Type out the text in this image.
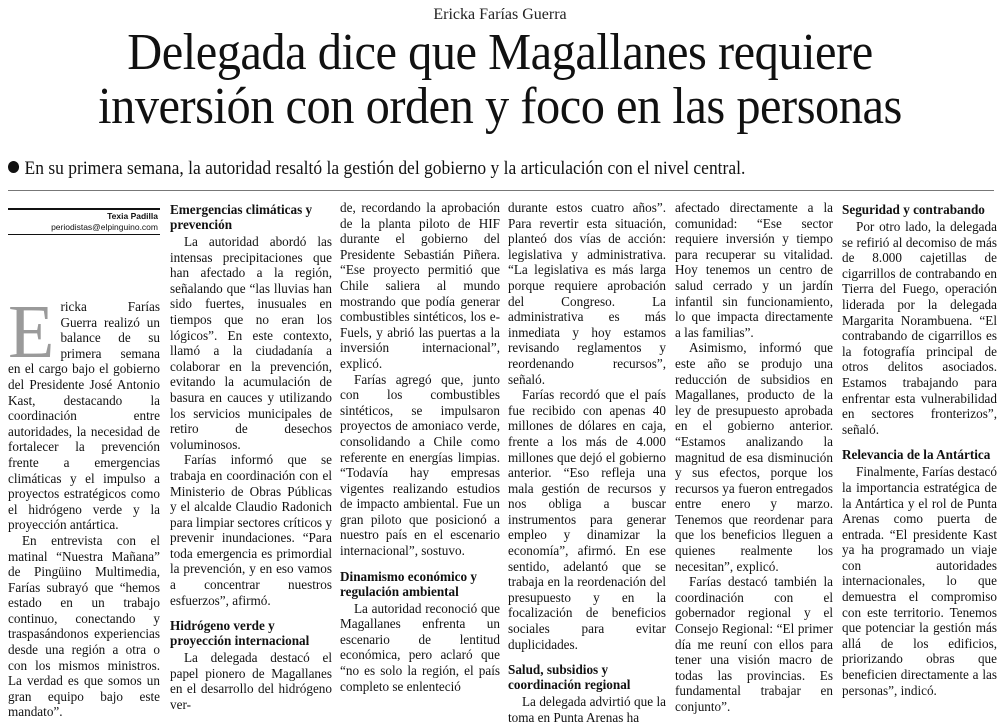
Ericka Farías Guerra
Delegada dice que Magallanes requiere
inversión con orden y foco en las personas
En su primera semana, la autoridad resaltó la gestión del gobierno y la articulación con el nivel central.
Texia Padilla
periodistas@elpinguino.com
E ricka Farías Guerra realizó un balance de su primera semana en el cargo bajo el gobierno del Presidente José Antonio Kast, destacando la coordinación entre autoridades, la necesidad de fortalecer la prevención frente a emergencias climáticas y el impulso a proyectos estratégicos como el hidrógeno verde y la proyección antártica.

En entrevista con el matinal “Nuestra Mañana” de Pingüino Multimedia, Farías subrayó que “hemos estado en un trabajo continuo, conectando y traspasándonos experiencias desde una región a otra o con los mismos ministros. La verdad es que somos un gran equipo bajo este mandato”.

Emergencias climáticas y prevención

La autoridad abordó las intensas precipitaciones que han afectado a la región, señalando que “las lluvias han sido fuertes, inusuales en tiempos que no eran los lógicos”. En este contexto, llamó a la ciudadanía a colaborar en la prevención, evitando la acumulación de basura en cauces y utilizando los servicios municipales de retiro de desechos voluminosos.

Farías informó que se trabaja en coordinación con el Ministerio de Obras Públicas y el alcalde Claudio Radonich para limpiar sectores críticos y prevenir inundaciones. “Para toda emergencia es primordial la prevención, y en eso vamos a concentrar nuestros esfuerzos”, afirmó.

Hidrógeno verde y proyección internacional

La delegada destacó el papel pionero de Magallanes en el desarrollo del hidrógeno ver-

de, recordando la aprobación de la planta piloto de HIF durante el gobierno del Presidente Sebastián Piñera. “Ese proyecto permitió que Chile saliera al mundo mostrando que podía generar combustibles sintéticos, los e-Fuels, y abrió las puertas a la inversión internacional”, explicó.

Farías agregó que, junto con los combustibles sintéticos, se impulsaron proyectos de amoniaco verde, consolidando a Chile como referente en energías limpias. “Todavía hay empresas vigentes realizando estudios de impacto ambiental. Fue un gran piloto que posicionó a nuestro país en el escenario internacional”, sostuvo.

Dinamismo económico y regulación ambiental

La autoridad reconoció que Magallanes enfrenta un escenario de lentitud económica, pero aclaró que “no es solo la región, el país completo se enlenteció

durante estos cuatro años”. Para revertir esta situación, planteó dos vías de acción: legislativa y administrativa. “La legislativa es más larga porque requiere aprobación del Congreso. La administrativa es más inmediata y hoy estamos revisando reglamentos y reordenando recursos”, señaló.

Farías recordó que el país fue recibido con apenas 40 millones de dólares en caja, frente a los más de 4.000 millones que dejó el gobierno anterior. “Eso refleja una mala gestión de recursos y nos obliga a buscar instrumentos para generar empleo y dinamizar la economía”, afirmó. En ese sentido, adelantó que se trabaja en la reordenación del presupuesto y en la focalización de beneficios sociales para evitar duplicidades.

Salud, subsidios y coordinación regional

La delegada advirtió que la toma en Punta Arenas ha

afectado directamente a la comunidad: “Ese sector requiere inversión y tiempo para recuperar su vitalidad. Hoy tenemos un centro de salud cerrado y un jardín infantil sin funcionamiento, lo que impacta directamente a las familias”.

Asimismo, informó que este año se produjo una reducción de subsidios en Magallanes, producto de la ley de presupuesto aprobada en el gobierno anterior. “Estamos analizando la magnitud de esa disminución y sus efectos, porque los recursos ya fueron entregados entre enero y marzo. Tenemos que reordenar para que los beneficios lleguen a quienes realmente los necesitan”, explicó.

Farías destacó también la coordinación con el gobernador regional y el Consejo Regional: “El primer día me reuní con ellos para tener una visión macro de todas las provincias. Es fundamental trabajar en conjunto”.

Seguridad y contrabando

Por otro lado, la delegada se refirió al decomiso de más de 8.000 cajetillas de cigarrillos de contrabando en Tierra del Fuego, operación liderada por la delegada Margarita Norambuena. “El contrabando de cigarrillos es la fotografía principal de otros delitos asociados. Estamos trabajando para enfrentar esta vulnerabilidad en sectores fronterizos”, señaló.

Relevancia de la Antártica

Finalmente, Farías destacó la importancia estratégica de la Antártica y el rol de Punta Arenas como puerta de entrada. “El presidente Kast ya ha programado un viaje con autoridades internacionales, lo que demuestra el compromiso con este territorio. Tenemos que potenciar la gestión más allá de los edificios, priorizando obras que beneficien directamente a las personas”, indicó.
